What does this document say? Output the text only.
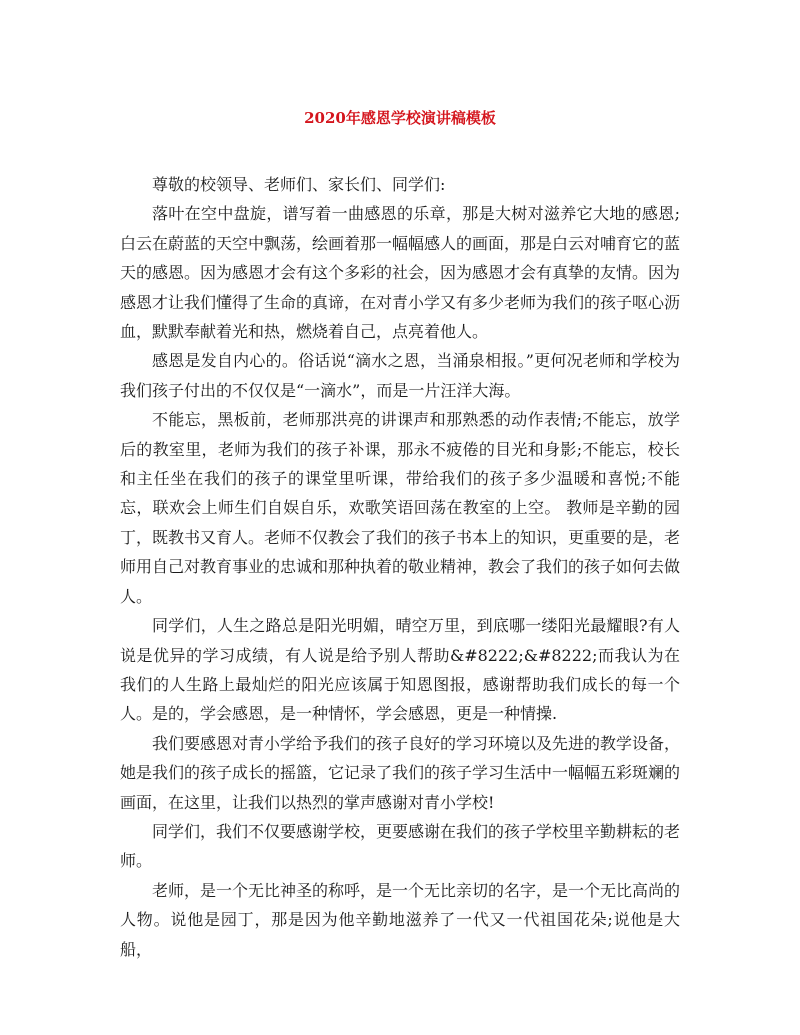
2020年感恩学校演讲稿模板

尊敬的校领导、老师们、家长们、同学们:

落叶在空中盘旋，谱写着一曲感恩的乐章，那是大树对滋养它大地的感恩;白云在蔚蓝的天空中飘荡，绘画着那一幅幅感人的画面，那是白云对哺育它的蓝天的感恩。因为感恩才会有这个多彩的社会，因为感恩才会有真挚的友情。因为感恩才让我们懂得了生命的真谛，在对青小学又有多少老师为我们的孩子呕心沥血，默默奉献着光和热，燃烧着自己，点亮着他人。

感恩是发自内心的。俗话说“滴水之恩，当涌泉相报。”更何况老师和学校为我们孩子付出的不仅仅是“一滴水”，而是一片汪洋大海。

不能忘，黑板前，老师那洪亮的讲课声和那熟悉的动作表情;不能忘，放学后的教室里，老师为我们的孩子补课，那永不疲倦的目光和身影;不能忘，校长和主任坐在我们的孩子的课堂里听课，带给我们的孩子多少温暖和喜悦;不能忘，联欢会上师生们自娱自乐，欢歌笑语回荡在教室的上空。 教师是辛勤的园丁，既教书又育人。老师不仅教会了我们的孩子书本上的知识，更重要的是，老师用自己对教育事业的忠诚和那种执着的敬业精神，教会了我们的孩子如何去做人。

同学们，人生之路总是阳光明媚，晴空万里，到底哪一缕阳光最耀眼?有人说是优异的学习成绩，有人说是给予别人帮助&#8222;&#8222;而我认为在我们的人生路上最灿烂的阳光应该属于知恩图报，感谢帮助我们成长的每一个人。是的，学会感恩，是一种情怀，学会感恩，更是一种情操.

我们要感恩对青小学给予我们的孩子良好的学习环境以及先进的教学设备，她是我们的孩子成长的摇篮，它记录了我们的孩子学习生活中一幅幅五彩斑斓的画面，在这里，让我们以热烈的掌声感谢对青小学校!

同学们，我们不仅要感谢学校，更要感谢在我们的孩子学校里辛勤耕耘的老师。

老师，是一个无比神圣的称呼，是一个无比亲切的名字，是一个无比高尚的人物。说他是园丁，那是因为他辛勤地滋养了一代又一代祖国花朵;说他是大船，
